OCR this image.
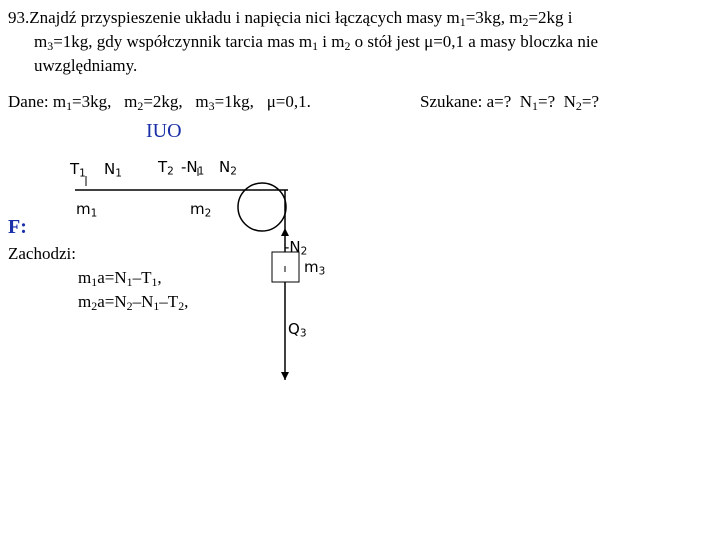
93.Znajdź przyspieszenie układu i napięcia nici łączących masy $m_1=3kg$, $m_2=2kg$ i
$m_3=1kg$, gdy współczynnik tarcia mas $m_1$ i $m_2$ o stół jest μ=0,1 a masy bloczka nie
uwzględniamy.
Dane: $m_1=3kg$, $m_2=2kg$, $m_3=1kg$, μ=0,1.	Szukane: a=? $N_1=$? $N_2=$?
IUO
F:
$T_1$ $N_1$ $T_2$ $-N_1$ $N_2$
$m_1$	$m_2$
$-N_2$
$m_3$
$Q_3$
Zachodzi:
$m_1a=N_1-T_1$,
$m_2a=N_2-N_1-T_2$,
